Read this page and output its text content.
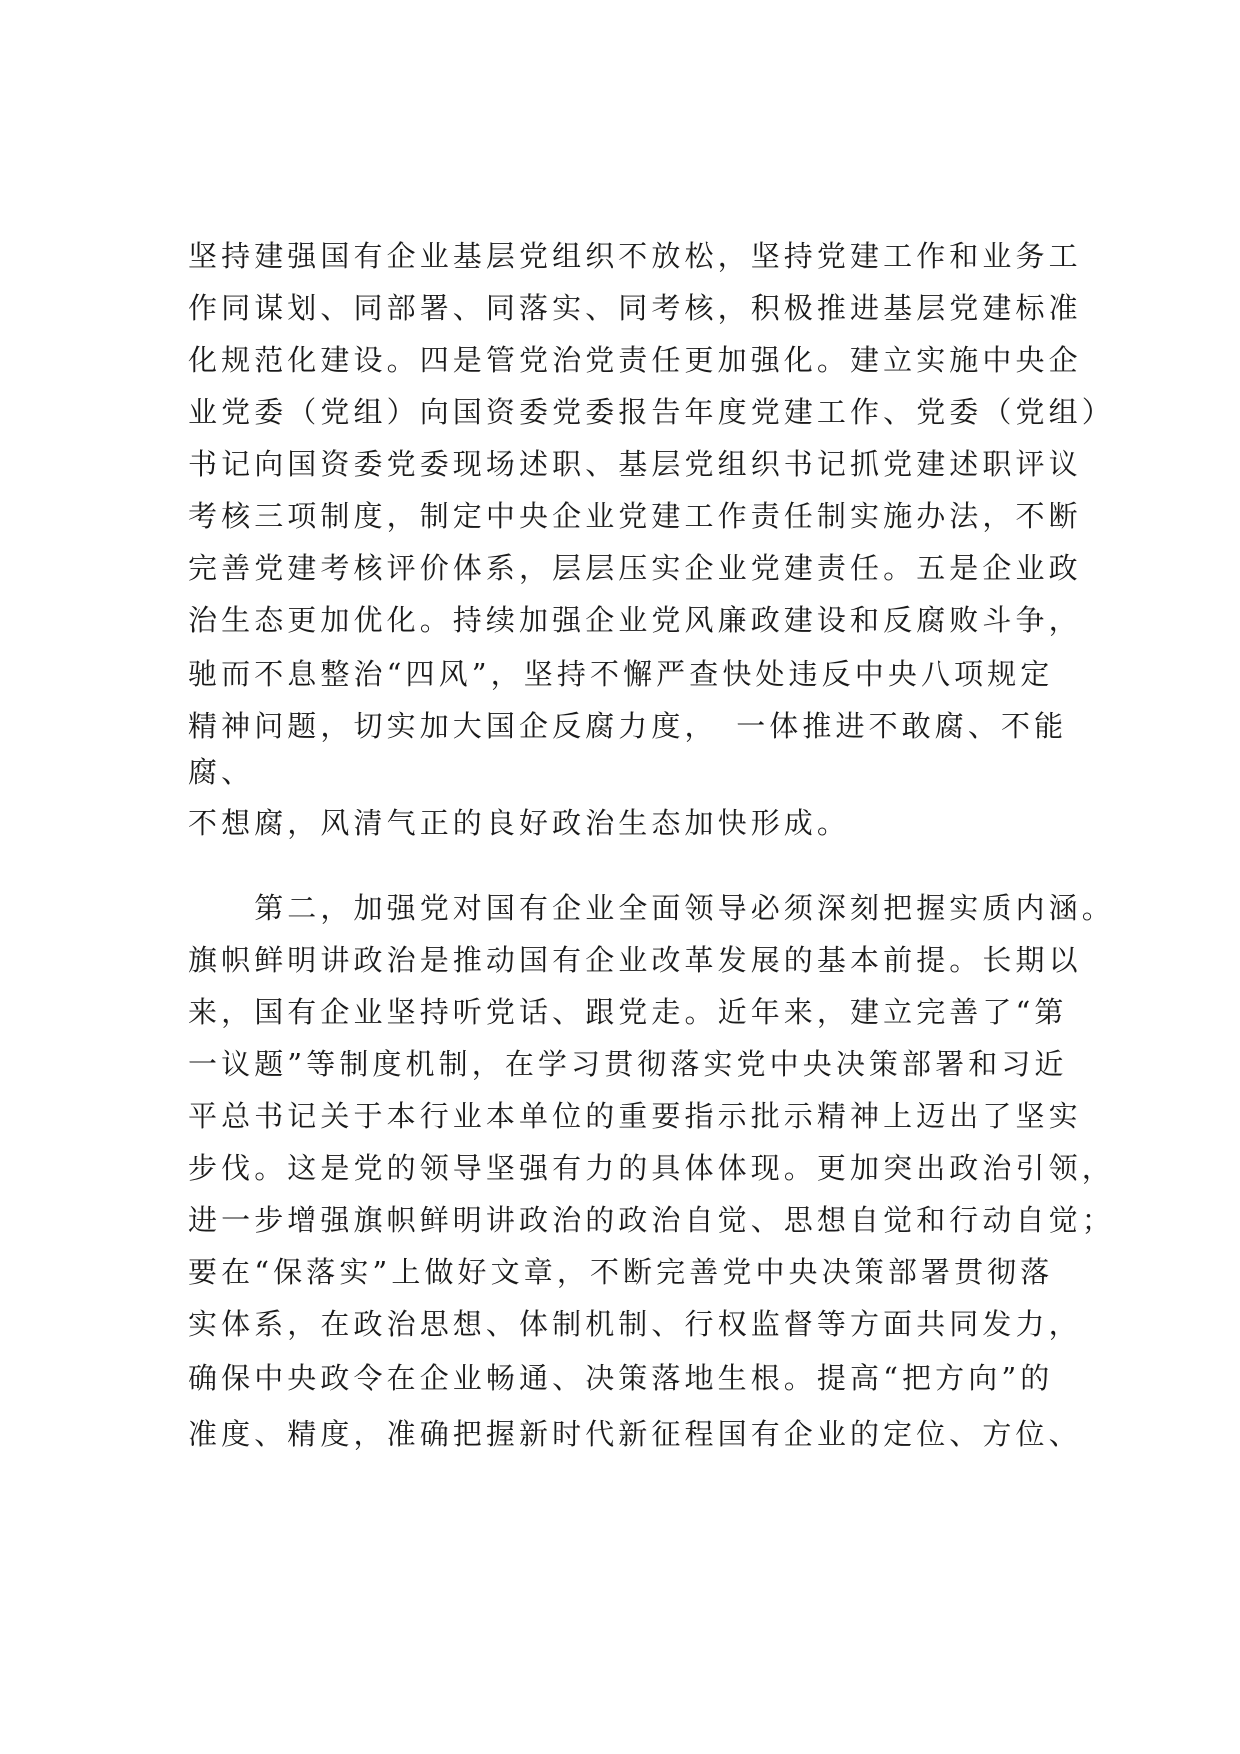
坚持建强国有企业基层党组织不放松，坚持党建工作和业务工
作同谋划、同部署、同落实、同考核，积极推进基层党建标准
化规范化建设。四是管党治党责任更加强化。建立实施中央企
业党委（党组）向国资委党委报告年度党建工作、党委（党组）
书记向国资委党委现场述职、基层党组织书记抓党建述职评议
考核三项制度，制定中央企业党建工作责任制实施办法，不断
完善党建考核评价体系，层层压实企业党建责任。五是企业政
治生态更加优化。持续加强企业党风廉政建设和反腐败斗争，
驰而不息整治“四风”，坚持不懈严查快处违反中央八项规定
精神问题，切实加大国企反腐力度，　一体推进不敢腐、不能
腐、
不想腐，风清气正的良好政治生态加快形成。
　　第二，加强党对国有企业全面领导必须深刻把握实质内涵。
旗帜鲜明讲政治是推动国有企业改革发展的基本前提。长期以
来，国有企业坚持听党话、跟党走。近年来，建立完善了“第
一议题”等制度机制，在学习贯彻落实党中央决策部署和习近
平总书记关于本行业本单位的重要指示批示精神上迈出了坚实
步伐。这是党的领导坚强有力的具体体现。更加突出政治引领，
进一步增强旗帜鲜明讲政治的政治自觉、思想自觉和行动自觉；
要在“保落实”上做好文章，不断完善党中央决策部署贯彻落
实体系，在政治思想、体制机制、行权监督等方面共同发力，
确保中央政令在企业畅通、决策落地生根。提高“把方向”的
准度、精度，准确把握新时代新征程国有企业的定位、方位、
